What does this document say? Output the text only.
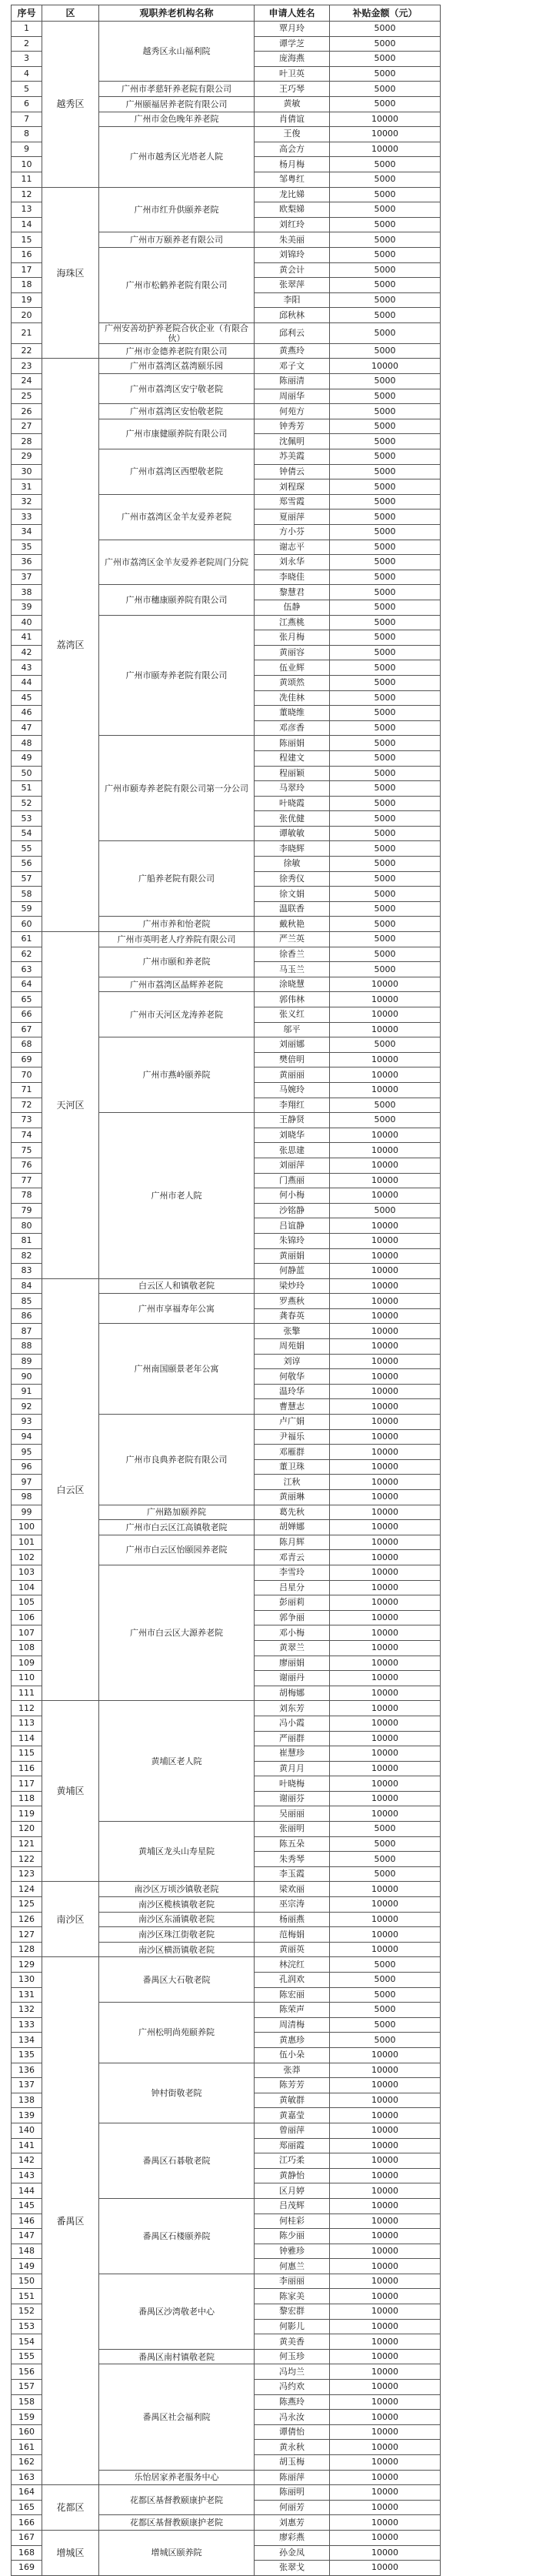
序号	区	观职养老机构名称	申请人姓名	补贴金额（元）
1	越秀区	越秀区永山福利院	覃月玲	5000
2			谭学芝	5000
3			庞海燕	5000
4			叶卫英	5000
5		广州市孝慈轩养老院有限公司	王巧琴	5000
6		广州颐福居养老院有限公司	黄敏	5000
7		广州市金色晚年养老院	肖倩谊	10000
8		广州市越秀区光塔老人院	王俊	10000
9			高会方	10000
10			杨月梅	5000
11			邹粤红	5000
12	海珠区	广州市红升供颐养老院	龙比娣	5000
13			欧梨娣	5000
14			刘红玲	5000
15		广州市万颐养老有限公司	朱美丽	5000
16		广州市松鹤养老院有限公司	刘锦玲	5000
17			黄会计	5000
18			张翠萍	5000
19			李阳	5000
20			邱秋林	5000
21		广州安善幼护养老院合伙企业（有限合伙）	邱利云	5000
22		广州市金德养老院有限公司	黄燕玲	5000
23	荔湾区	广州市荔湾区荔湾颐乐园	邓子文	10000
24		广州市荔湾区安宁敬老院	陈丽清	5000
25			周丽华	5000
26		广州市荔湾区安怡敬老院	何苑方	5000
27		广州市康健颐养院有限公司	钟秀芳	5000
28			沈佩明	5000
29		广州市荔湾区西塱敬老院	苏美霞	5000
30			钟倩云	5000
31			刘程琛	5000
32		广州市荔湾区金羊友爱养老院	郑雪霞	5000
33			夏丽萍	5000
34			方小芬	5000
35		广州市荔湾区金羊友爱养老院周门分院	谢志平	5000
36			刘永华	5000
37			李晓佳	5000
38		广州市穗康颐养院有限公司	黎慧君	5000
39			伍静	5000
40		广州市颐寿养老院有限公司	江燕桃	5000
41			张月梅	5000
42			黄丽容	5000
43			伍业辉	5000
44			黄颂然	5000
45			冼佳林	5000
46			董晓维	5000
47			邓彦香	5000
48		广州市颐寿养老院有限公司第一分公司	陈丽娟	5000
49			程建文	5000
50			程丽颖	5000
51			马翠玲	5000
52			叶晓霞	5000
53			张优健	5000
54			谭敏敏	5000
55		广船养老院有限公司	李晓辉	5000
56			徐敏	5000
57			徐秀仪	5000
58			徐文娟	5000
59			温联香	5000
60		广州市养和怡老院	戴秋艳	5000
61	天河区	广州市英明老人疗养院有限公司	严兰英	5000
62		广州市颐和养老院	徐香兰	5000
63			马玉兰	5000
64		广州市荔湾区晶辉养老院	涂晓慧	10000
65		广州市天河区龙涛养老院	郭伟林	10000
66			张义红	10000
67			邬平	10000
68		广州市燕岭颐养院	刘丽娜	5000
69			樊倍明	10000
70			黄丽丽	10000
71			马婉玲	10000
72			李翔红	5000
73		广州市老人院	王静贤	5000
74			刘晓华	10000
75			张思建	10000
76			刘丽萍	10000
77			门燕丽	10000
78			何小梅	10000
79			沙铭静	5000
80			吕谊静	10000
81			朱锦玲	10000
82			黄丽娟	10000
83			何静蓝	10000
84	白云区	白云区人和镇敬老院	梁炒玲	10000
85		广州市享福寿年公寓	罗燕秋	10000
86			龚春英	10000
87		广州南国颐景老年公寓	张擎	10000
88			周苑娟	10000
89			刘谆	10000
90			何敬华	10000
91			温玲华	10000
92			曹慧志	10000
93		广州市良典养老院有限公司	卢广娟	10000
94			尹福乐	10000
95			邓雁群	10000
96			董卫珠	10000
97			江秋	10000
98			黄丽琳	10000
99		广州路加颐养院	葛先秋	10000
100		广州市白云区江高镇敬老院	胡婵娜	10000
101		广州市白云区怡颐园养老院	陈月辉	10000
102			邓青云	10000
103		广州市白云区大源养老院	李雪玲	10000
104			吕星分	10000
105			彭丽莉	10000
106			郭争丽	10000
107			邓小梅	10000
108			黄翠兰	10000
109			廖丽娟	10000
110			谢丽丹	10000
111			胡梅娜	10000
112	黄埔区	黄埔区老人院	刘东芳	10000
113			冯小霞	10000
114			严丽群	10000
115			崔慧珍	10000
116			黄月月	10000
117			叶晓梅	10000
118			谢丽芬	10000
119			吴丽丽	10000
120		黄埔区龙头山寿星院	张丽明	5000
121			陈五朵	5000
122			朱秀琴	5000
123			李玉霞	5000
124	南沙区	南沙区万顷沙镇敬老院	梁欢丽	10000
125		南沙区榄核镇敬老院	巫宗涛	10000
126		南沙区东涌镇敬老院	杨丽燕	10000
127		南沙区珠江街敬老院	范梅娟	10000
128		南沙区横沥镇敬老院	黄丽英	10000
129	番禺区	番禺区大石敬老院	林浣红	5000
130			孔润欢	5000
131			陈宏丽	5000
132		广州松明尚苑颐养院	陈荣声	5000
133			周清梅	5000
134			黄惠珍	5000
135			伍小朵	10000
136		钟村街敬老院	张莽	10000
137			陈芳芳	10000
138			黄敏群	10000
139			黄嘉莹	10000
140		番禺区石碁敬老院	曾丽萍	10000
141			郑丽霞	10000
142			江巧柔	10000
143			黄静怡	10000
144			区月婷	10000
145		番禺区石楼颐养院	吕茂辉	10000
146			何桂彩	10000
147			陈少丽	10000
148			钟雅珍	10000
149			何惠兰	10000
150		番禺区沙湾敬老中心	李丽丽	10000
151			陈家美	10000
152			黎宏群	10000
153			何影儿	10000
154			黄美香	10000
155		番禺区南村镇敬老院	何玉珍	10000
156		番禺区社会福利院	冯均兰	10000
157			冯约欢	10000
158			陈燕玲	10000
159			冯永汝	10000
160			谭倩怡	10000
161			黄永秋	10000
162			胡玉梅	10000
163		乐怡居家养老服务中心	陈丽萍	10000
164	花都区	花都区基督教颐康护老院	陈丽明	10000
165			何丽芳	10000
166		花都区基督教颐康护老院	刘惠芳	10000
167	增城区	增城区颐养院	廖彩燕	10000
168			孙金凤	10000
169			张翠戈	10000
